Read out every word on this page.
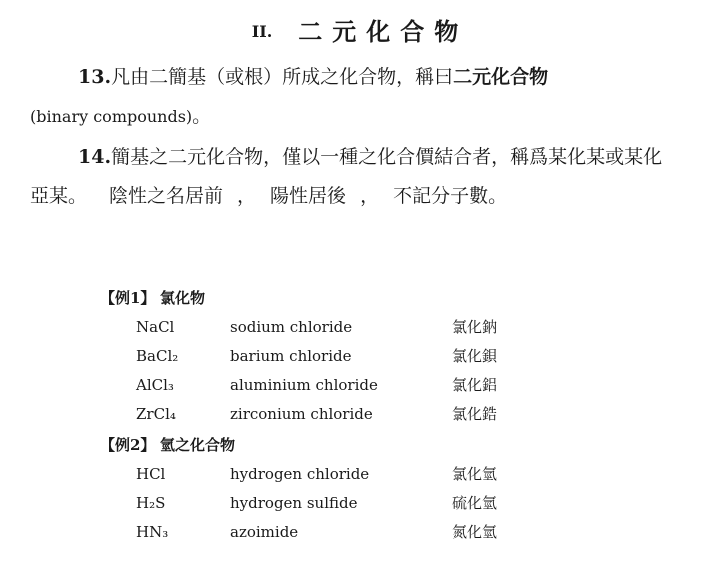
II. 二元化合物
13.凡由二簡基（或根）所成之化合物，稱曰二元化合物
(binary compounds)。
14.簡基之二元化合物，僅以一種之化合價結合者，稱爲某化某或某化亞某。 陰性之名居前 ， 陽性居後 ， 不記分子數。
【例1】 氯化物
NaCl	sodium chloride	氯化鈉
BaCl₂	barium chloride	氯化鋇
AlCl₃	aluminium chloride	氯化鋁
ZrCl₄	zirconium chloride	氯化鋯
【例2】 氫之化合物
HCl	hydrogen chloride	氯化氫
H₂S	hydrogen sulfide	硫化氫
HN₃	azoimide	氮化氫
